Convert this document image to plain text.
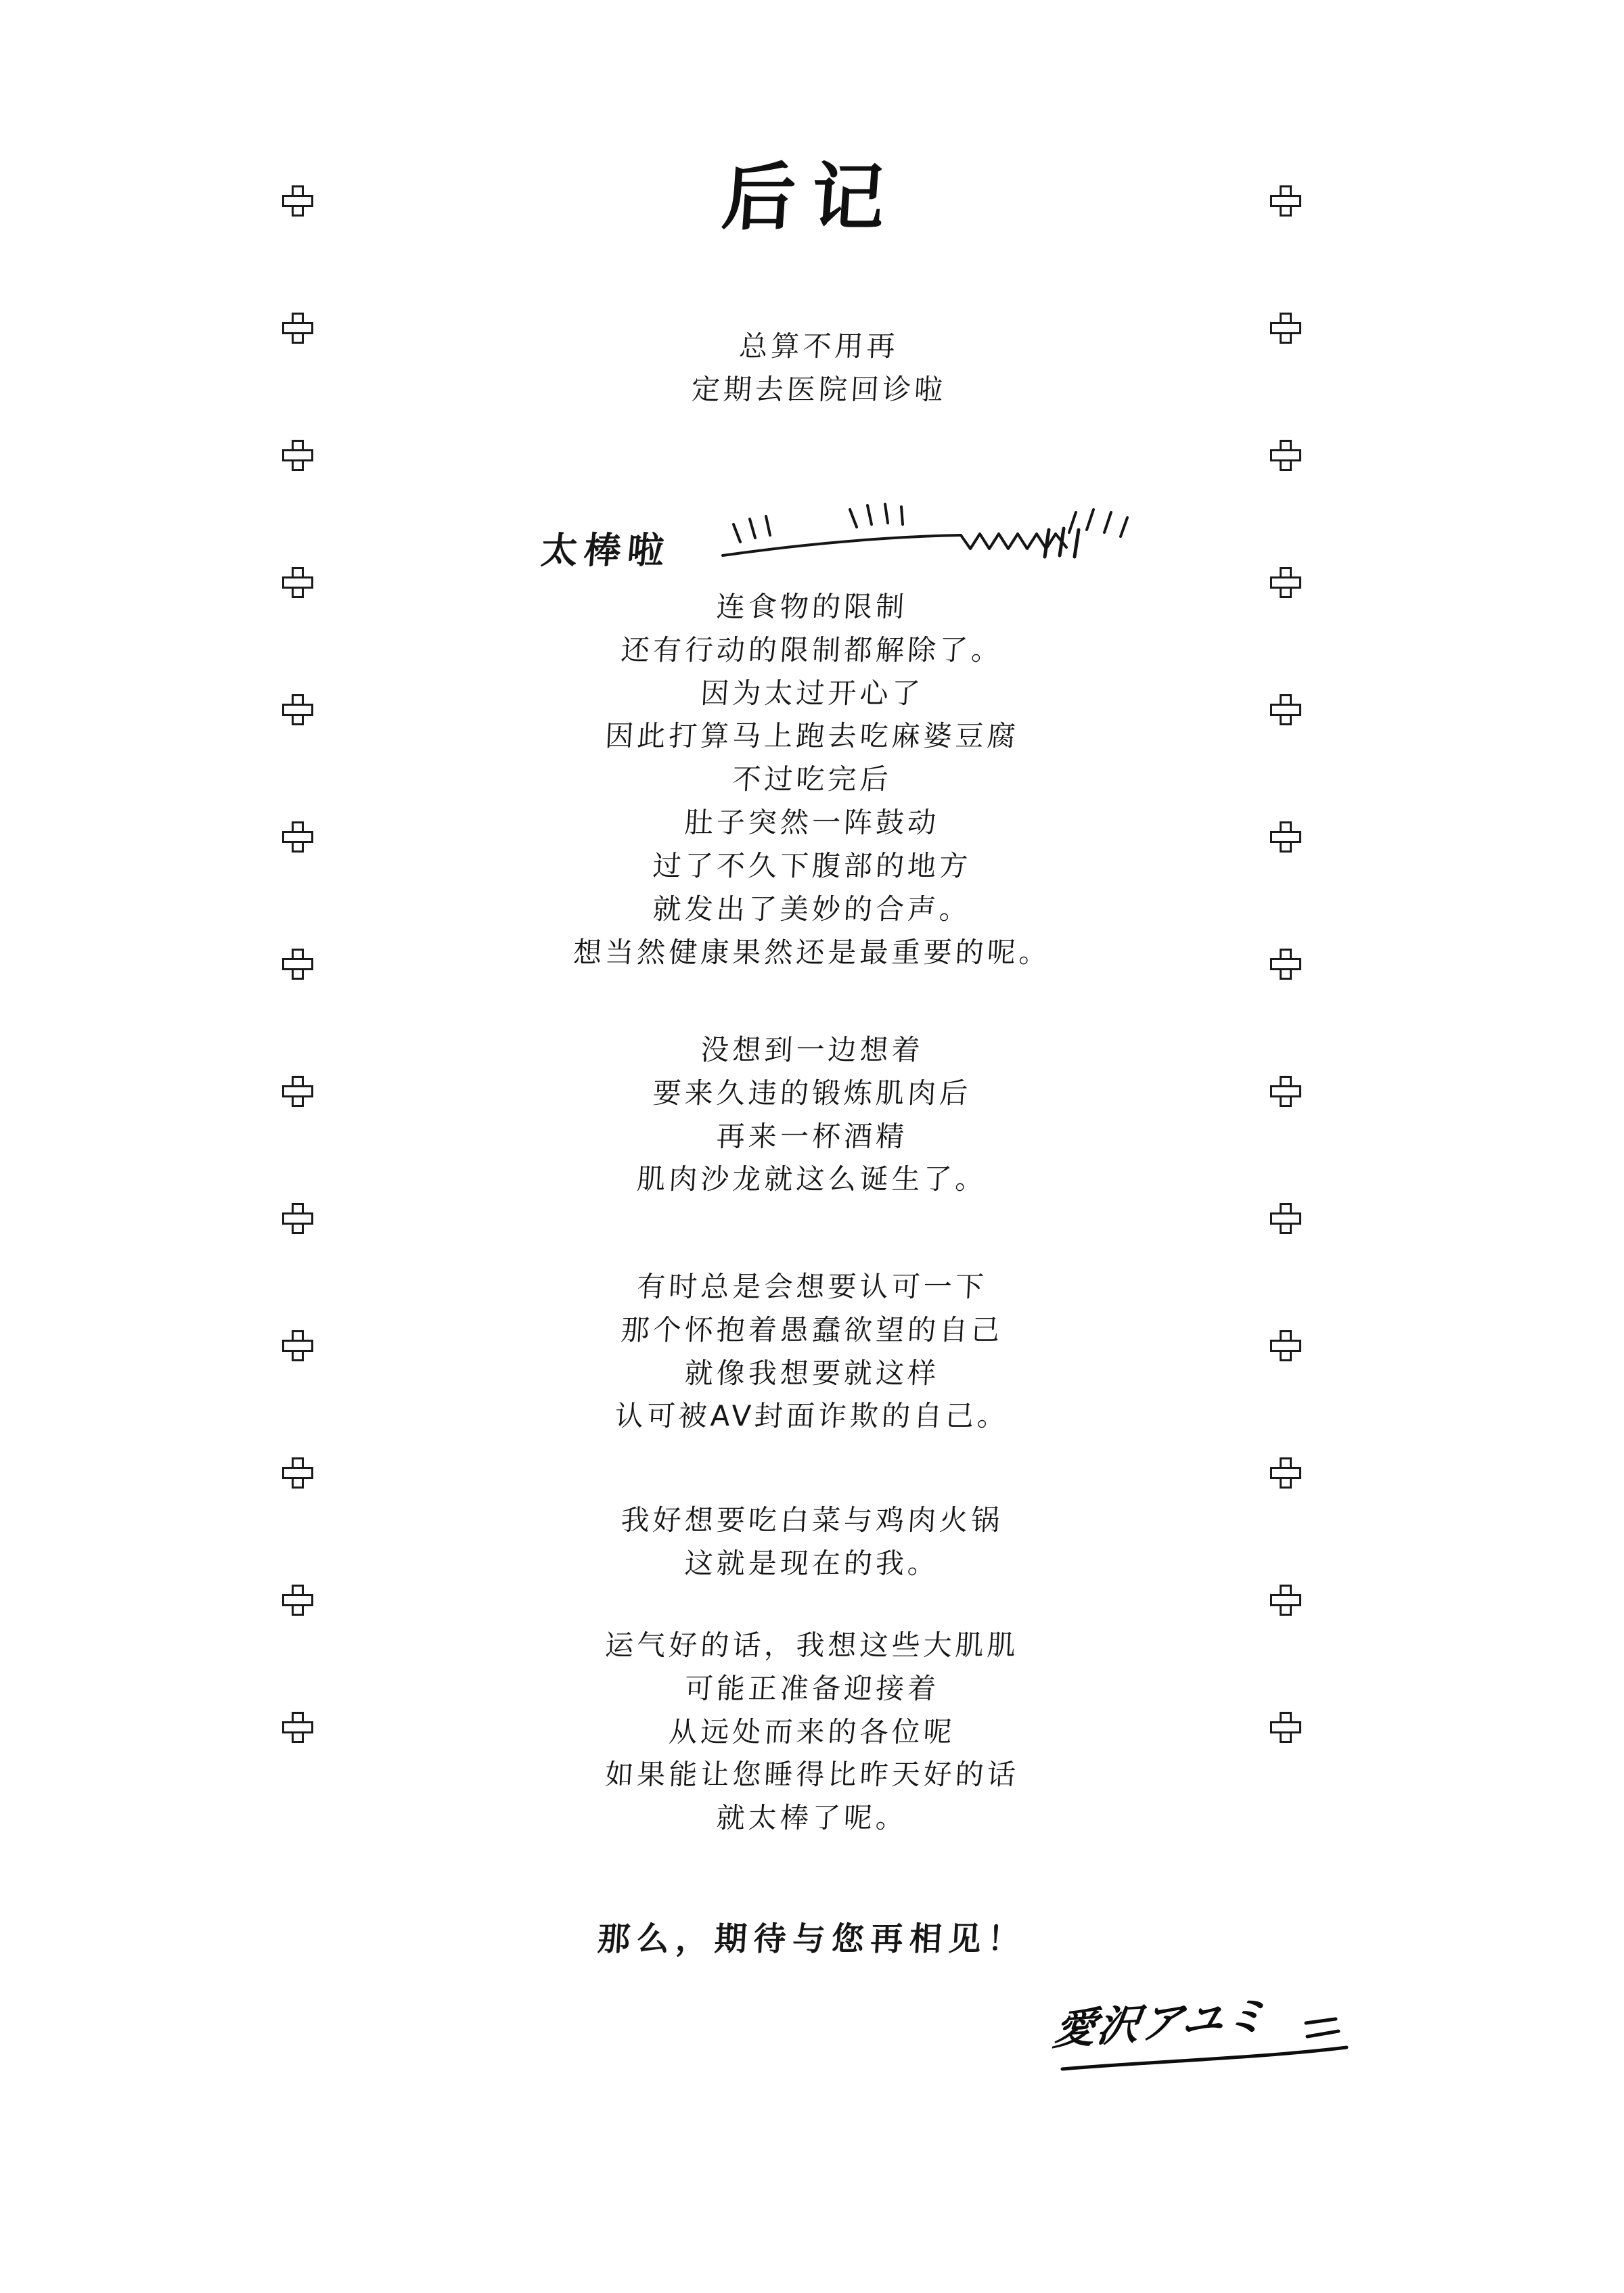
后记
总算不用再
定期去医院回诊啦
太棒啦
连食物的限制
还有行动的限制都解除了。
因为太过开心了
因此打算马上跑去吃麻婆豆腐
不过吃完后
肚子突然一阵鼓动
过了不久下腹部的地方
就发出了美妙的合声。
想当然健康果然还是最重要的呢。
没想到一边想着
要来久违的锻炼肌肉后
再来一杯酒精
肌肉沙龙就这么诞生了。
有时总是会想要认可一下
那个怀抱着愚蠢欲望的自己
就像我想要就这样
认可被AV封面诈欺的自己。
我好想要吃白菜与鸡肉火锅
这就是现在的我。
运气好的话，我想这些大肌肌
可能正准备迎接着
从远处而来的各位呢
如果能让您睡得比昨天好的话
就太棒了呢。
那么，期待与您再相见！
愛沢アユミ
